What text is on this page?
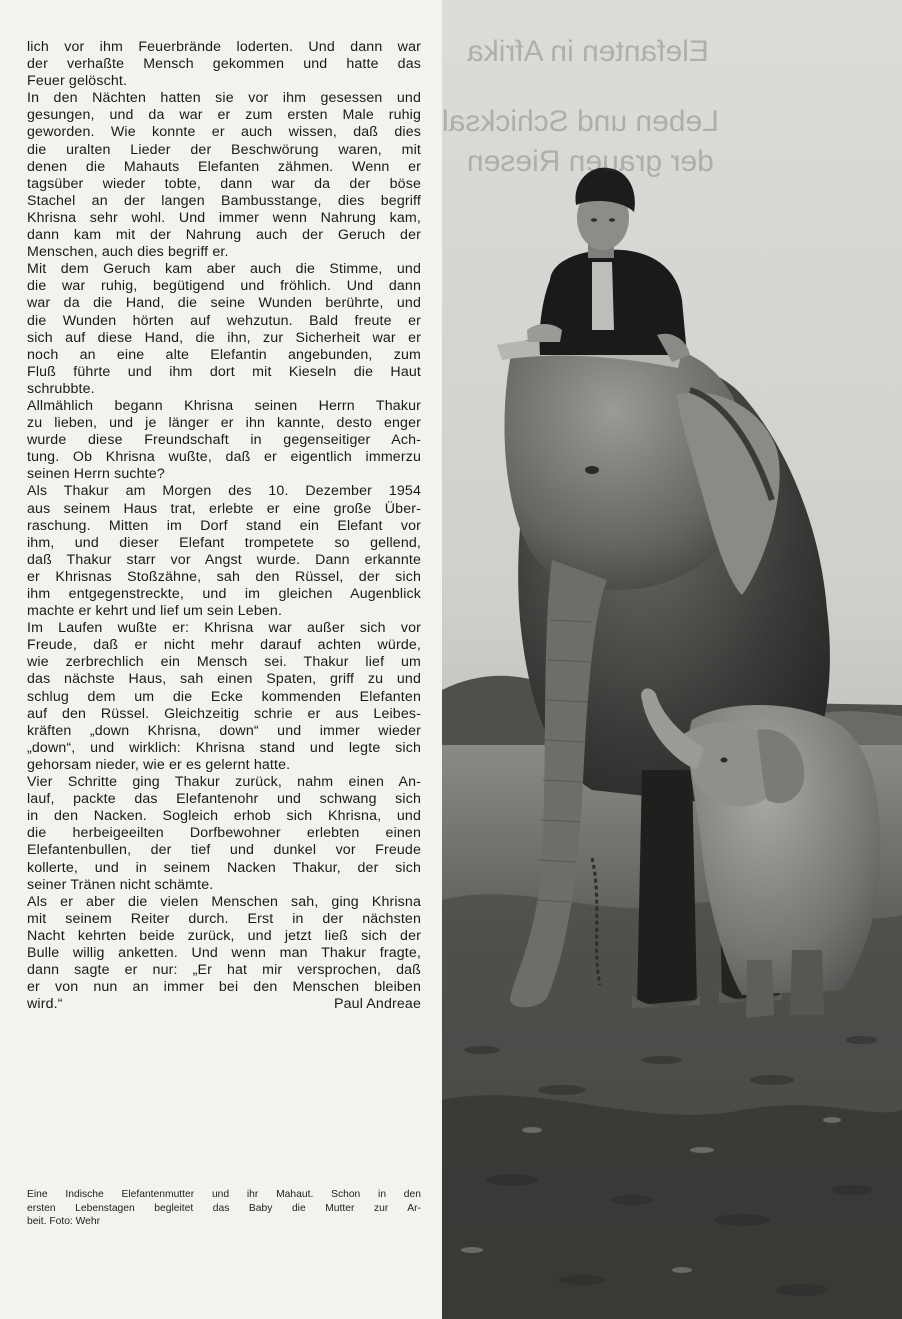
lich vor ihm Feuerbrände loderten. Und dann war
der verhaßte Mensch gekommen und hatte das
Feuer gelöscht.
In den Nächten hatten sie vor ihm gesessen und
gesungen, und da war er zum ersten Male ruhig
geworden. Wie konnte er auch wissen, daß dies
die uralten Lieder der Beschwörung waren, mit
denen die Mahauts Elefanten zähmen. Wenn er
tagsüber wieder tobte, dann war da der böse
Stachel an der langen Bambusstange, dies begriff
Khrisna sehr wohl. Und immer wenn Nahrung kam,
dann kam mit der Nahrung auch der Geruch der
Menschen, auch dies begriff er.
Mit dem Geruch kam aber auch die Stimme, und
die war ruhig, begütigend und fröhlich. Und dann
war da die Hand, die seine Wunden berührte, und
die Wunden hörten auf wehzutun. Bald freute er
sich auf diese Hand, die ihn, zur Sicherheit war er
noch an eine alte Elefantin angebunden, zum
Fluß führte und ihm dort mit Kieseln die Haut
schrubbte.
Allmählich begann Khrisna seinen Herrn Thakur
zu lieben, und je länger er ihn kannte, desto enger
wurde diese Freundschaft in gegenseitiger Ach-
tung. Ob Khrisna wußte, daß er eigentlich immerzu
seinen Herrn suchte?
Als Thakur am Morgen des 10. Dezember 1954
aus seinem Haus trat, erlebte er eine große Über-
raschung. Mitten im Dorf stand ein Elefant vor
ihm, und dieser Elefant trompetete so gellend,
daß Thakur starr vor Angst wurde. Dann erkannte
er Khrisnas Stoßzähne, sah den Rüssel, der sich
ihm entgegenstreckte, und im gleichen Augenblick
machte er kehrt und lief um sein Leben.
Im Laufen wußte er: Khrisna war außer sich vor
Freude, daß er nicht mehr darauf achten würde,
wie zerbrechlich ein Mensch sei. Thakur lief um
das nächste Haus, sah einen Spaten, griff zu und
schlug dem um die Ecke kommenden Elefanten
auf den Rüssel. Gleichzeitig schrie er aus Leibes-
kräften „down Khrisna, down“ und immer wieder
„down“, und wirklich: Khrisna stand und legte sich
gehorsam nieder, wie er es gelernt hatte.
Vier Schritte ging Thakur zurück, nahm einen An-
lauf, packte das Elefantenohr und schwang sich
in den Nacken. Sogleich erhob sich Khrisna, und
die herbeigeeilten Dorfbewohner erlebten einen
Elefantenbullen, der tief und dunkel vor Freude
kollerte, und in seinem Nacken Thakur, der sich
seiner Tränen nicht schämte.
Als er aber die vielen Menschen sah, ging Khrisna
mit seinem Reiter durch. Erst in der nächsten
Nacht kehrten beide zurück, und jetzt ließ sich der
Bulle willig anketten. Und wenn man Thakur fragte,
dann sagte er nur: „Er hat mir versprochen, daß
er von nun an immer bei den Menschen bleiben
wird.“	Paul Andreae
Eine Indische Elefantenmutter und ihr Mahaut. Schon in den
ersten Lebenstagen begleitet das Baby die Mutter zur Ar-
beit. Foto: Wehr
Elefanten in Afrika
Leben und Schicksal
der grauen Riesen
